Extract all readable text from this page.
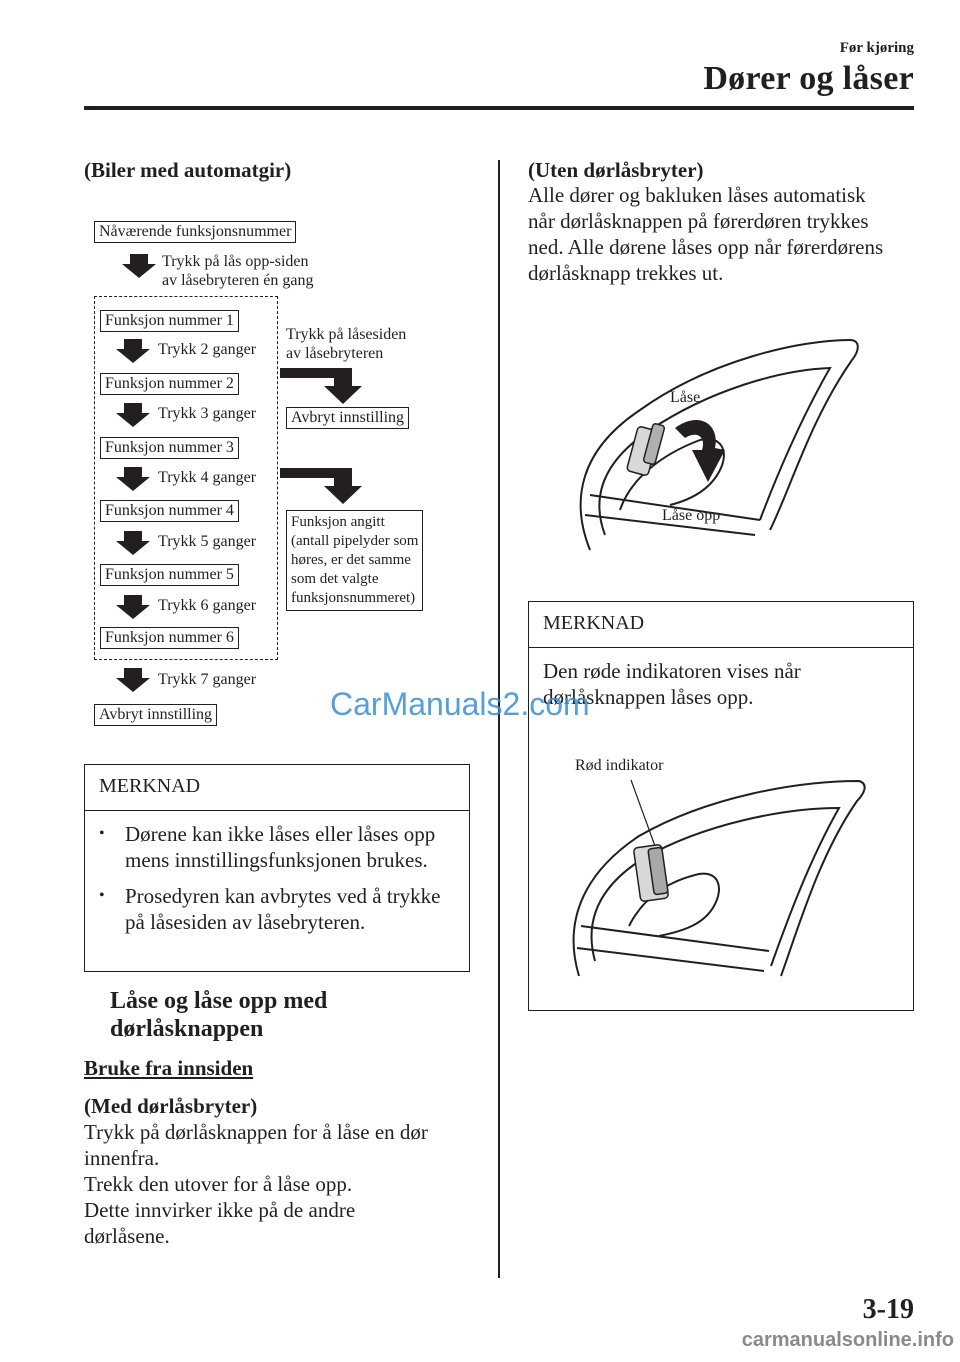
Før kjøring
Dører og låser
(Biler med automatgir)
Nåværende funksjonsnummer
Trykk på lås opp-siden
av låsebryteren én gang
Funksjon nummer 1
Trykk 2 ganger
Funksjon nummer 2
Trykk 3 ganger
Funksjon nummer 3
Trykk 4 ganger
Funksjon nummer 4
Trykk 5 ganger
Funksjon nummer 5
Trykk 6 ganger
Funksjon nummer 6
Trykk 7 ganger
Avbryt innstilling
Trykk på låsesiden
av låsebryteren
Avbryt innstilling
Funksjon angitt
(antall pipelyder som
høres, er det samme
som det valgte
funksjonsnummeret)
MERKNAD
• Dørene kan ikke låses eller låses opp mens innstillingsfunksjonen brukes.
• Prosedyren kan avbrytes ved å trykke på låsesiden av låsebryteren.
Låse og låse opp med
dørlåsknappen
Bruke fra innsiden
(Med dørlåsbryter)
Trykk på dørlåsknappen for å låse en dør
innenfra.
Trekk den utover for å låse opp.
Dette innvirker ikke på de andre
dørlåsene.
(Uten dørlåsbryter)
Alle dører og bakluken låses automatisk
når dørlåsknappen på førerdøren trykkes
ned. Alle dørene låses opp når førerdørens
dørlåsknapp trekkes ut.
Låse
Låse opp
MERKNAD
Den røde indikatoren vises når
dørlåsknappen låses opp.
Rød indikator
CarManuals2.com
3-19
carmanualsonline.info
